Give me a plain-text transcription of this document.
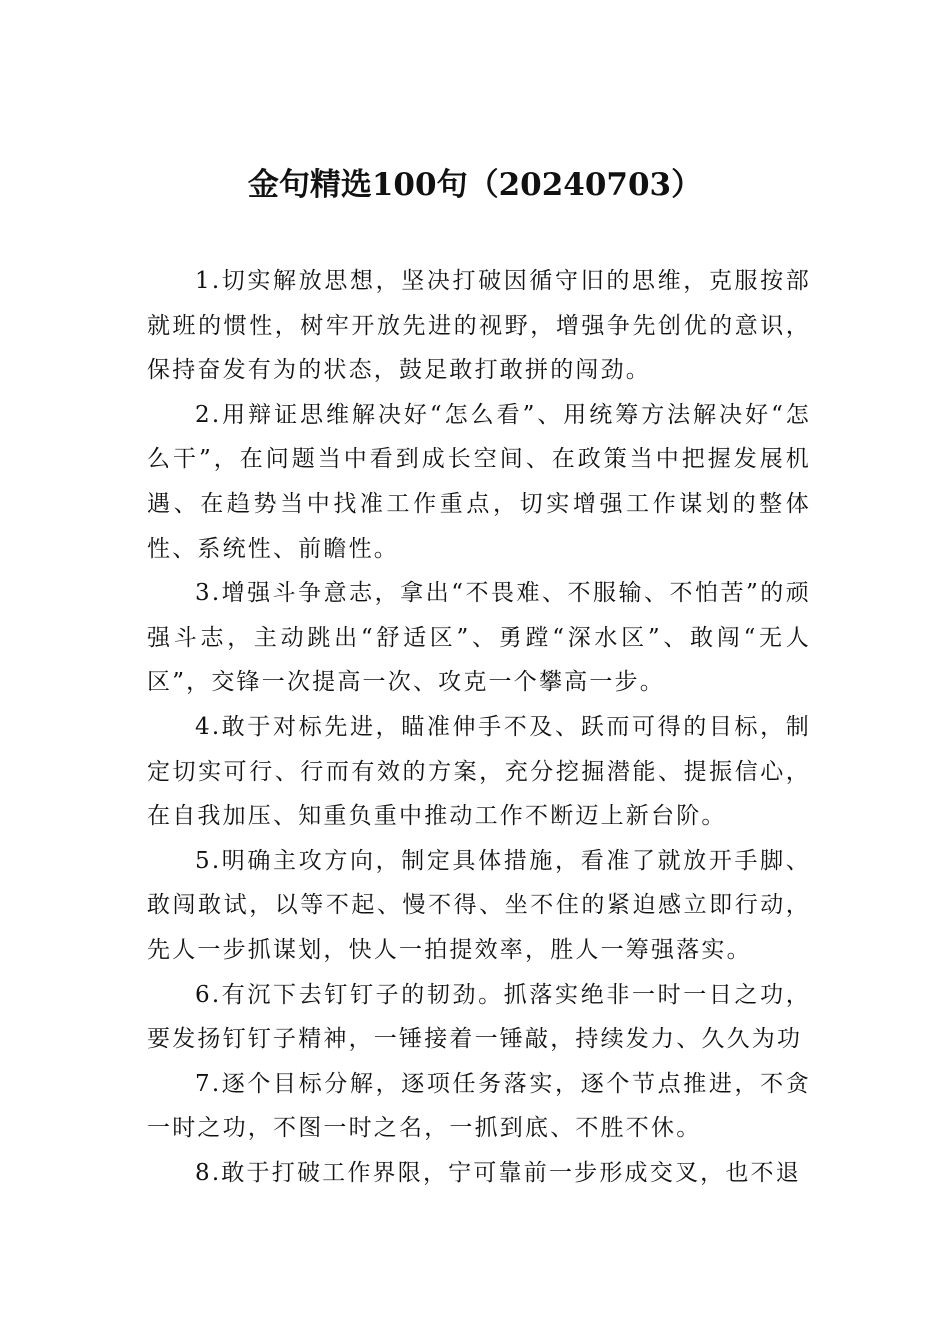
金句精选100句（20240703）

1.切实解放思想，坚决打破因循守旧的思维，克服按部就班的惯性，树牢开放先进的视野，增强争先创优的意识，保持奋发有为的状态，鼓足敢打敢拼的闯劲。

2.用辩证思维解决好“怎么看”、用统筹方法解决好“怎么干”，在问题当中看到成长空间、在政策当中把握发展机遇、在趋势当中找准工作重点，切实增强工作谋划的整体性、系统性、前瞻性。

3.增强斗争意志，拿出“不畏难、不服输、不怕苦”的顽强斗志，主动跳出“舒适区”、勇蹚“深水区”、敢闯“无人区”，交锋一次提高一次、攻克一个攀高一步。

4.敢于对标先进，瞄准伸手不及、跃而可得的目标，制定切实可行、行而有效的方案，充分挖掘潜能、提振信心，在自我加压、知重负重中推动工作不断迈上新台阶。

5.明确主攻方向，制定具体措施，看准了就放开手脚、敢闯敢试，以等不起、慢不得、坐不住的紧迫感立即行动，先人一步抓谋划，快人一拍提效率，胜人一筹强落实。

6.有沉下去钉钉子的韧劲。抓落实绝非一时一日之功，要发扬钉钉子精神，一锤接着一锤敲，持续发力、久久为功

7.逐个目标分解，逐项任务落实，逐个节点推进，不贪一时之功，不图一时之名，一抓到底、不胜不休。

8.敢于打破工作界限，宁可靠前一步形成交叉，也不退
